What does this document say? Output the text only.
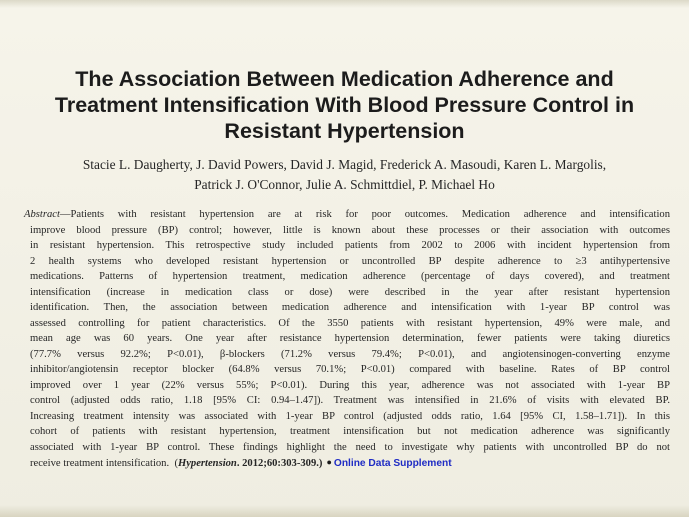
The Association Between Medication Adherence and
Treatment Intensification With Blood Pressure Control in
Resistant Hypertension
Stacie L. Daugherty, J. David Powers, David J. Magid, Frederick A. Masoudi, Karen L. Margolis,
Patrick J. O'Connor, Julie A. Schmittdiel, P. Michael Ho
Abstract—Patients with resistant hypertension are at risk for poor outcomes. Medication adherence and intensification
improve blood pressure (BP) control; however, little is known about these processes or their association with outcomes
in resistant hypertension. This retrospective study included patients from 2002 to 2006 with incident hypertension from
2 health systems who developed resistant hypertension or uncontrolled BP despite adherence to ≥3 antihypertensive
medications. Patterns of hypertension treatment, medication adherence (percentage of days covered), and treatment
intensification (increase in medication class or dose) were described in the year after resistant hypertension
identification. Then, the association between medication adherence and intensification with 1-year BP control was
assessed controlling for patient characteristics. Of the 3550 patients with resistant hypertension, 49% were male, and
mean age was 60 years. One year after resistance hypertension determination, fewer patients were taking diuretics
(77.7% versus 92.2%; P<0.01), β-blockers (71.2% versus 79.4%; P<0.01), and angiotensinogen-converting enzyme
inhibitor/angiotensin receptor blocker (64.8% versus 70.1%; P<0.01) compared with baseline. Rates of BP control
improved over 1 year (22% versus 55%; P<0.01). During this year, adherence was not associated with 1-year BP
control (adjusted odds ratio, 1.18 [95% CI: 0.94–1.47]). Treatment was intensified in 21.6% of visits with elevated BP.
Increasing treatment intensity was associated with 1-year BP control (adjusted odds ratio, 1.64 [95% CI, 1.58–1.71]). In this
cohort of patients with resistant hypertension, treatment intensification but not medication adherence was significantly
associated with 1-year BP control. These findings highlight the need to investigate why patients with uncontrolled BP do not
receive treatment intensification. (Hypertension. 2012;60:303-309.) ● Online Data Supplement
